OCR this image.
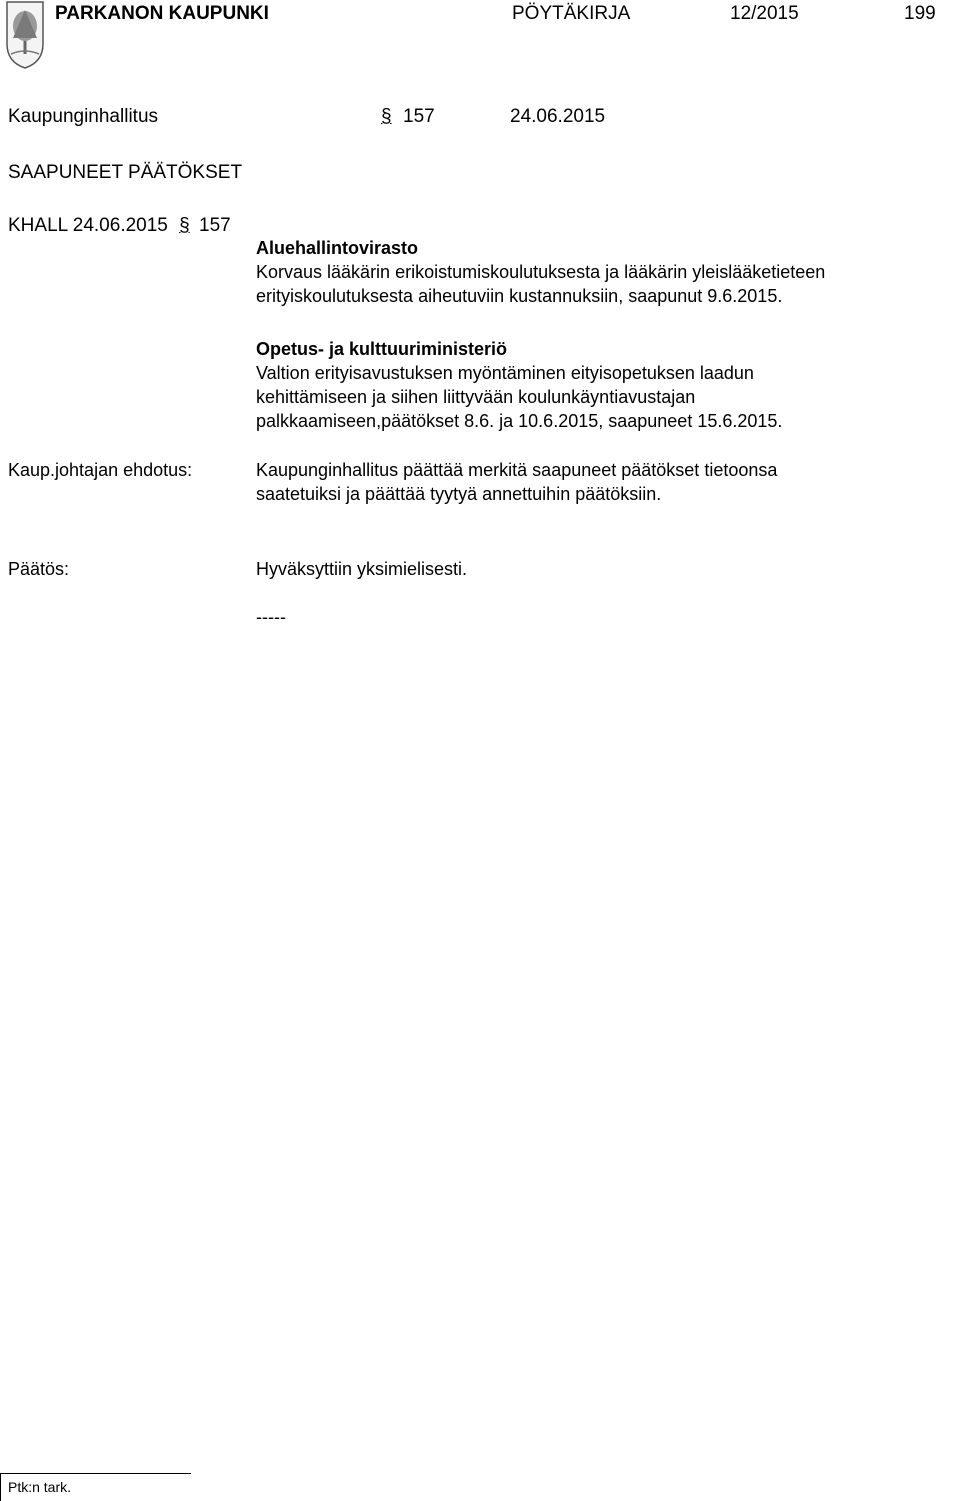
PARKANON KAUPUNKI	PÖYTÄKIRJA	12/2015	199
Kaupunginhallitus	§ 157	24.06.2015
SAAPUNEET PÄÄTÖKSET
KHALL 24.06.2015 § 157
Aluehallintovirasto
Korvaus lääkärin erikoistumiskoulutuksesta ja lääkärin yleislääketieteen
erityiskoulutuksesta aiheutuviin kustannuksiin, saapunut 9.6.2015.
Opetus- ja kulttuuriministeriö
Valtion erityisavustuksen myöntäminen eityisopetuksen laadun
kehittämiseen ja siihen liittyvään koulunkäyntiavustajan
palkkaamiseen,päätökset 8.6. ja 10.6.2015, saapuneet 15.6.2015.
Kaup.johtajan ehdotus:	Kaupunginhallitus päättää merkitä saapuneet päätökset tietoonsa
saatetuiksi ja päättää tyytyä annettuihin päätöksiin.
Päätös:	Hyväksyttiin yksimielisesti.
-----
Ptk:n tark.
